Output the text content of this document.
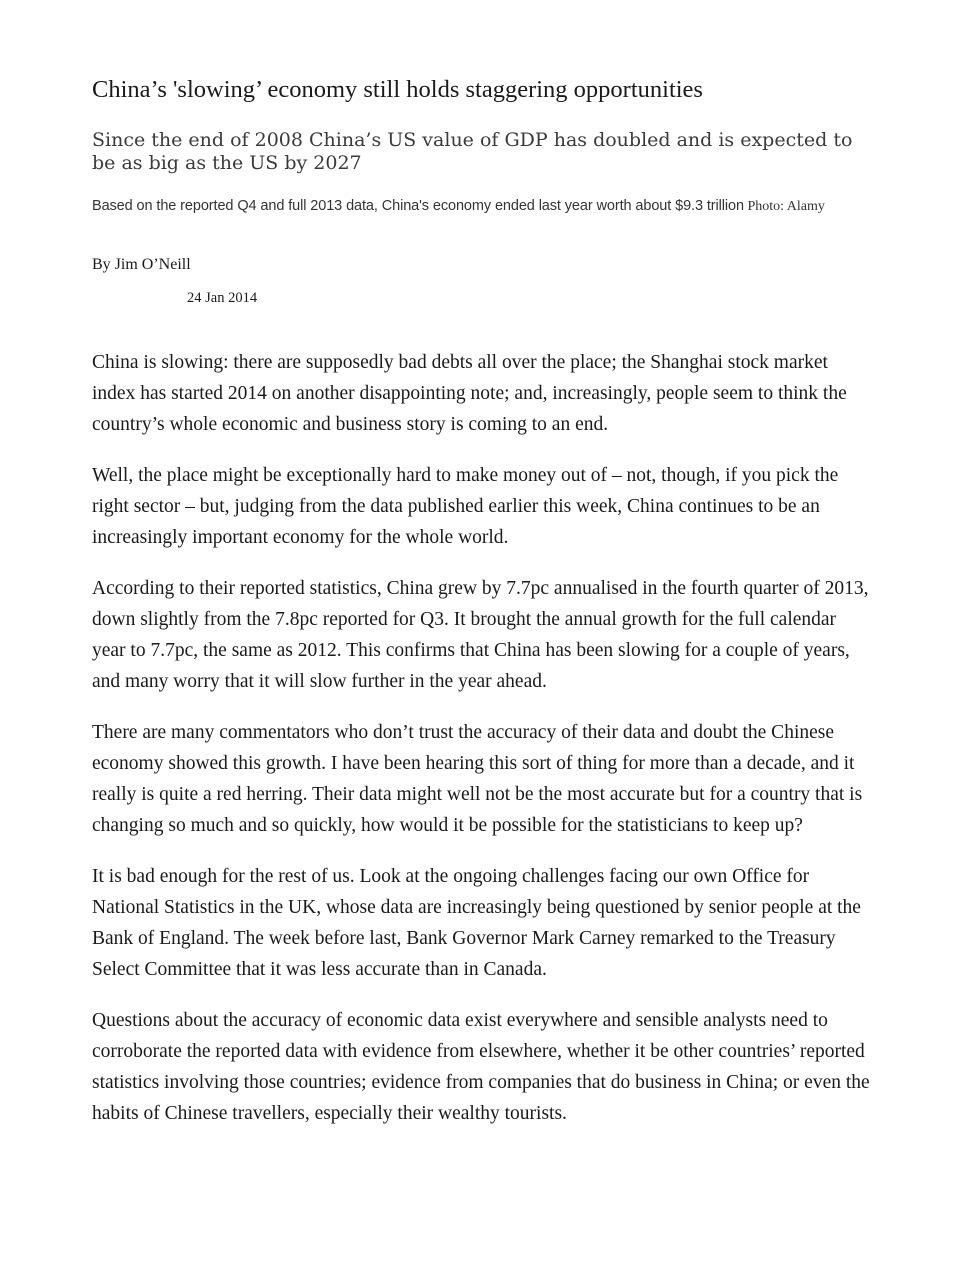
China’s 'slowing’ economy still holds staggering opportunities
Since the end of 2008 China’s US value of GDP has doubled and is expected to be as big as the US by 2027
Based on the reported Q4 and full 2013 data, China's economy ended last year worth about $9.3 trillion Photo: Alamy
By Jim O’Neill
24 Jan 2014

China is slowing: there are supposedly bad debts all over the place; the Shanghai stock market index has started 2014 on another disappointing note; and, increasingly, people seem to think the country’s whole economic and business story is coming to an end.

Well, the place might be exceptionally hard to make money out of – not, though, if you pick the right sector – but, judging from the data published earlier this week, China continues to be an increasingly important economy for the whole world.

According to their reported statistics, China grew by 7.7pc annualised in the fourth quarter of 2013, down slightly from the 7.8pc reported for Q3. It brought the annual growth for the full calendar year to 7.7pc, the same as 2012. This confirms that China has been slowing for a couple of years, and many worry that it will slow further in the year ahead.

There are many commentators who don’t trust the accuracy of their data and doubt the Chinese economy showed this growth. I have been hearing this sort of thing for more than a decade, and it really is quite a red herring. Their data might well not be the most accurate but for a country that is changing so much and so quickly, how would it be possible for the statisticians to keep up?

It is bad enough for the rest of us. Look at the ongoing challenges facing our own Office for National Statistics in the UK, whose data are increasingly being questioned by senior people at the Bank of England. The week before last, Bank Governor Mark Carney remarked to the Treasury Select Committee that it was less accurate than in Canada.

Questions about the accuracy of economic data exist everywhere and sensible analysts need to corroborate the reported data with evidence from elsewhere, whether it be other countries’ reported statistics involving those countries; evidence from companies that do business in China; or even the habits of Chinese travellers, especially their wealthy tourists.
